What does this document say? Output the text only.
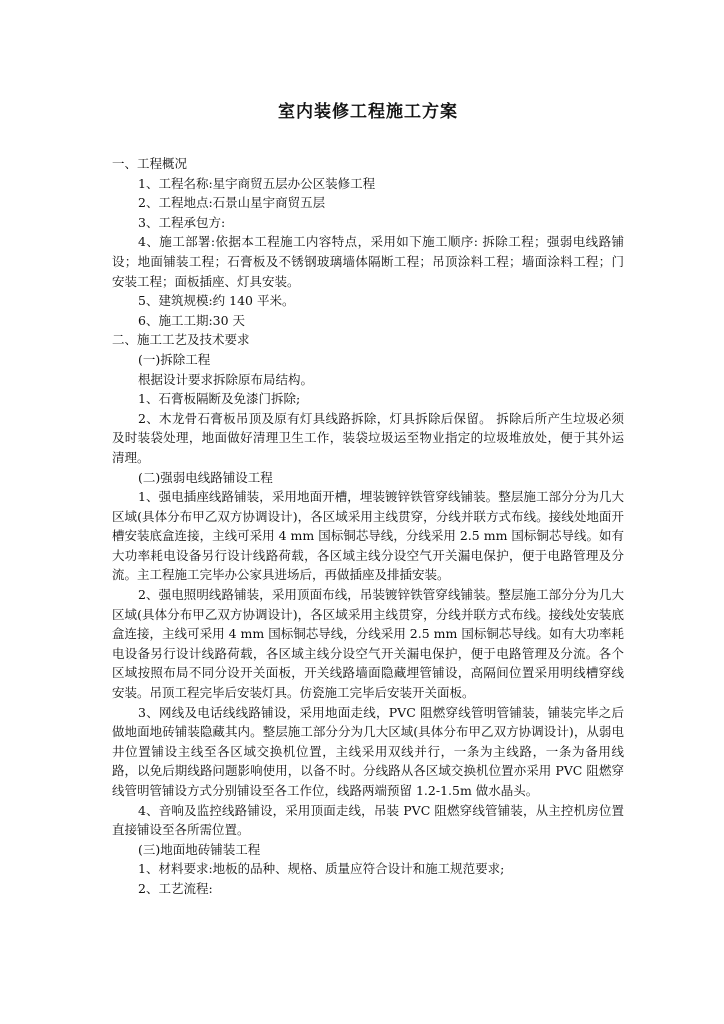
室内装修工程施工方案

一、工程概况

1、工程名称:星宇商贸五层办公区装修工程

2、工程地点:石景山星宇商贸五层

3、工程承包方:

4、施工部署:依据本工程施工内容特点，采用如下施工顺序: 拆除工程；强弱电线路铺设；地面铺装工程；石膏板及不锈钢玻璃墙体隔断工程；吊顶涂料工程；墙面涂料工程；门安装工程；面板插座、灯具安装。

5、建筑规模:约 140 平米。

6、施工工期:30 天

二、施工工艺及技术要求

(一)拆除工程

根据设计要求拆除原布局结构。

1、石膏板隔断及免漆门拆除;

2、木龙骨石膏板吊顶及原有灯具线路拆除，灯具拆除后保留。 拆除后所产生垃圾必须及时装袋处理，地面做好清理卫生工作，装袋垃圾运至物业指定的垃圾堆放处，便于其外运清理。

(二)强弱电线路铺设工程

1、强电插座线路铺装，采用地面开槽，埋装镀锌铁管穿线铺装。整层施工部分分为几大区域(具体分布甲乙双方协调设计)，各区域采用主线贯穿，分线并联方式布线。接线处地面开槽安装底盒连接，主线可采用 4 mm 国标铜芯导线，分线采用 2.5 mm 国标铜芯导线。如有大功率耗电设备另行设计线路荷载，各区域主线分设空气开关漏电保护，便于电路管理及分流。主工程施工完毕办公家具进场后，再做插座及排插安装。

2、强电照明线路铺装，采用顶面布线，吊装镀锌铁管穿线铺装。整层施工部分分为几大区域(具体分布甲乙双方协调设计)，各区域采用主线贯穿，分线并联方式布线。接线处安装底盒连接，主线可采用 4 mm 国标铜芯导线，分线采用 2.5 mm 国标铜芯导线。如有大功率耗电设备另行设计线路荷载，各区域主线分设空气开关漏电保护，便于电路管理及分流。各个区域按照布局不同分设开关面板，开关线路墙面隐藏埋管铺设，高隔间位置采用明线槽穿线安装。吊顶工程完毕后安装灯具。仿瓷施工完毕后安装开关面板。

3、网线及电话线线路铺设，采用地面走线，PVC 阻燃穿线管明管铺装，铺装完毕之后做地面地砖铺装隐藏其内。整层施工部分分为几大区域(具体分布甲乙双方协调设计)，从弱电井位置铺设主线至各区域交换机位置，主线采用双线并行，一条为主线路，一条为备用线路，以免后期线路问题影响使用，以备不时。分线路从各区域交换机位置亦采用 PVC 阻燃穿线管明管铺设方式分别铺设至各工作位，线路两端预留 1.2-1.5m 做水晶头。

4、音响及监控线路铺设，采用顶面走线，吊装 PVC 阻燃穿线管铺装，从主控机房位置直接铺设至各所需位置。

(三)地面地砖铺装工程

1、材料要求:地板的品种、规格、质量应符合设计和施工规范要求;

2、工艺流程:
